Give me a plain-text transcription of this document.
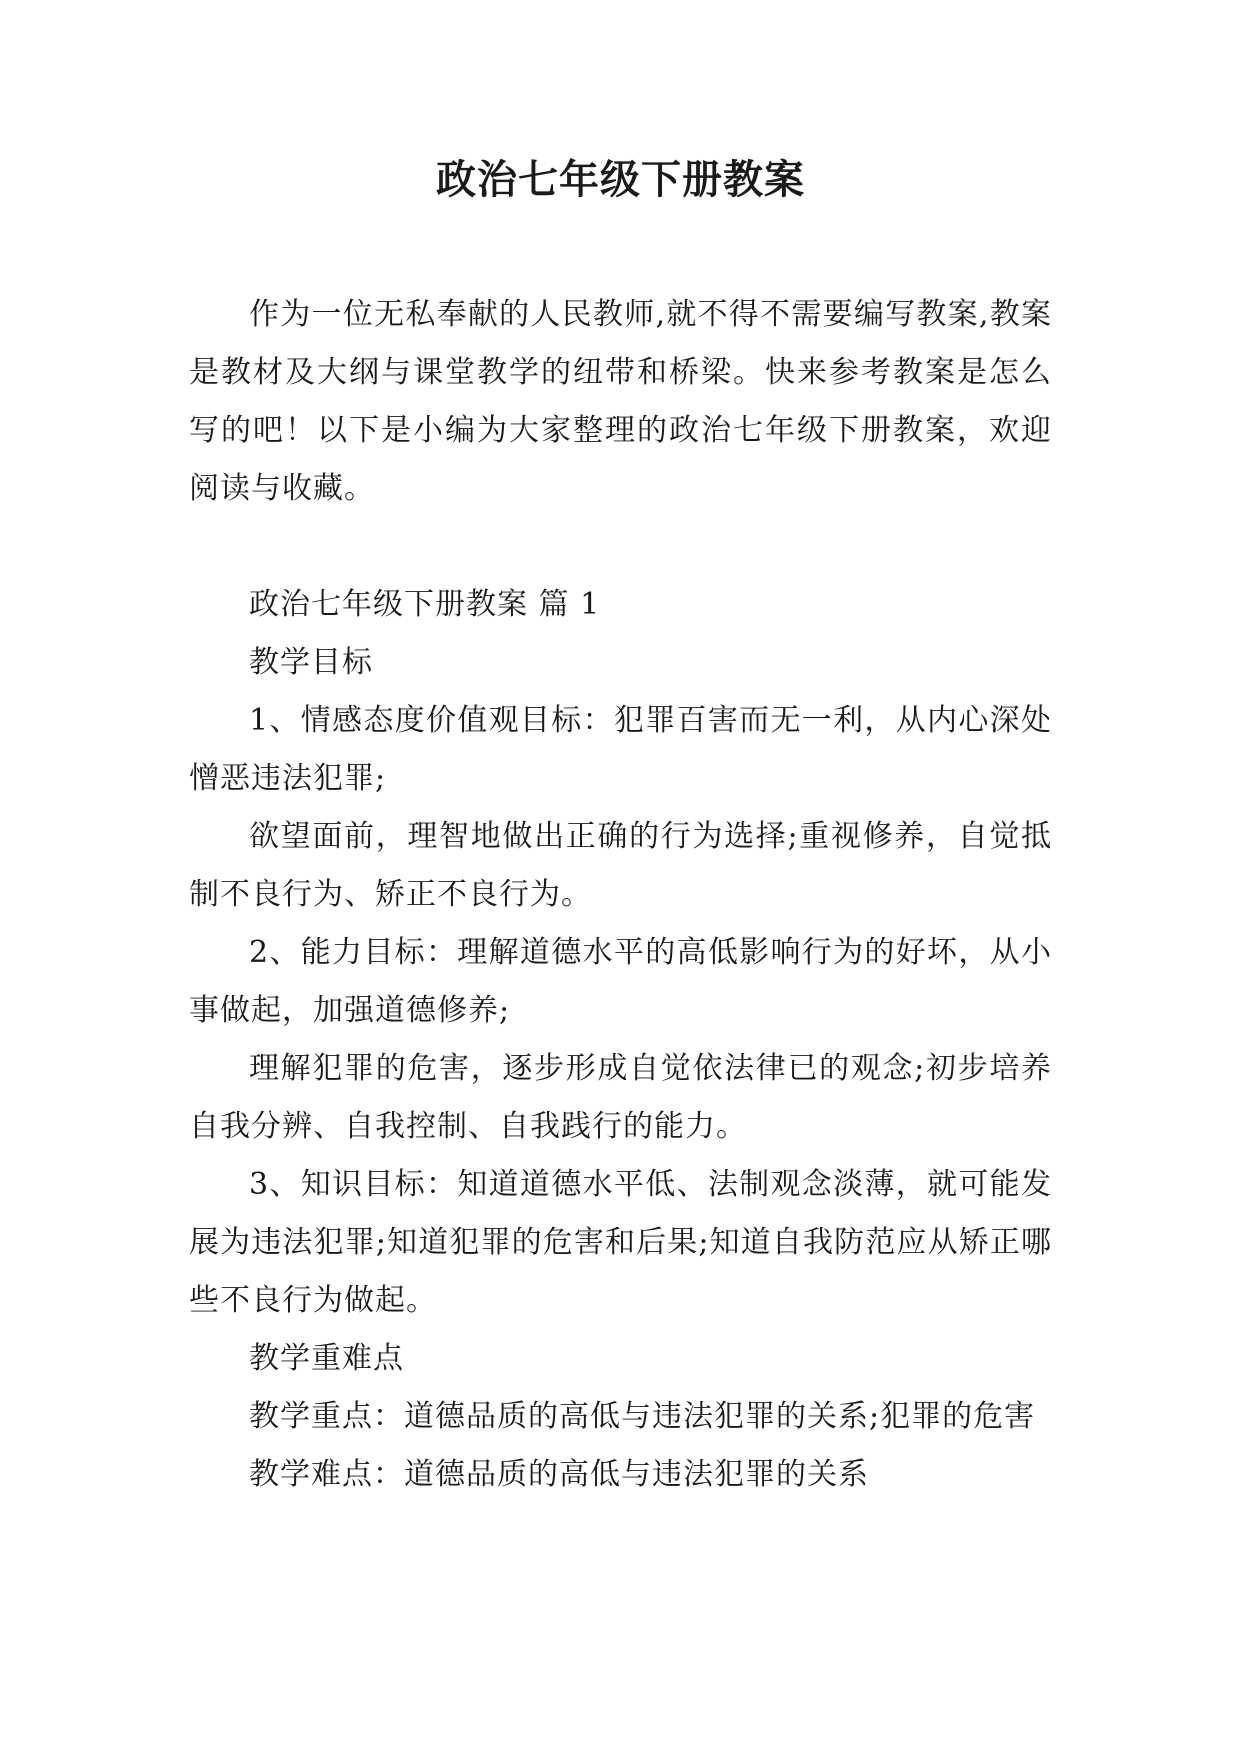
政治七年级下册教案

作为一位无私奉献的人民教师,就不得不需要编写教案,教案是教材及大纲与课堂教学的纽带和桥梁。快来参考教案是怎么写的吧！以下是小编为大家整理的政治七年级下册教案，欢迎阅读与收藏。

政治七年级下册教案 篇 1

教学目标

1、情感态度价值观目标：犯罪百害而无一利，从内心深处憎恶违法犯罪;

欲望面前，理智地做出正确的行为选择;重视修养，自觉抵制不良行为、矫正不良行为。

2、能力目标：理解道德水平的高低影响行为的好坏，从小事做起，加强道德修养;

理解犯罪的危害，逐步形成自觉依法律已的观念;初步培养自我分辨、自我控制、自我践行的能力。

3、知识目标：知道道德水平低、法制观念淡薄，就可能发展为违法犯罪;知道犯罪的危害和后果;知道自我防范应从矫正哪些不良行为做起。

教学重难点

教学重点：道德品质的高低与违法犯罪的关系;犯罪的危害

教学难点：道德品质的高低与违法犯罪的关系
